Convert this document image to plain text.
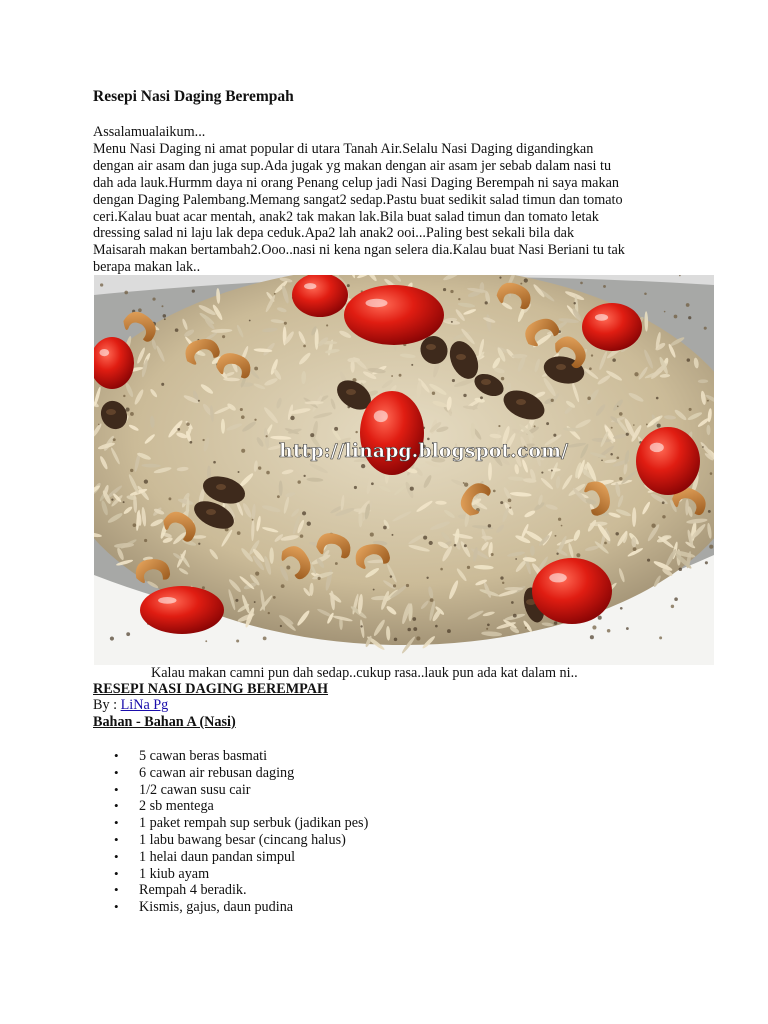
Resepi Nasi Daging Berempah

Assalamualaikum...

Menu Nasi Daging ni amat popular di utara Tanah Air.Selalu Nasi Daging digandingkan

dengan air asam dan juga sup.Ada jugak yg makan dengan air asam jer sebab dalam nasi tu

dah ada lauk.Hurmm daya ni orang Penang celup jadi Nasi Daging Berempah ni saya makan

dengan Daging Palembang.Memang sangat2 sedap.Pastu buat sedikit salad timun dan tomato

ceri.Kalau buat acar mentah, anak2 tak makan lak.Bila buat salad timun dan tomato letak

dressing salad ni laju lak depa ceduk.Apa2 lah anak2 ooi...Paling best sekali bila dak

Maisarah makan bertambah2.Ooo..nasi ni kena ngan selera dia.Kalau buat Nasi Beriani tu tak

berapa makan lak..

http://linapg.blogspot.com/
Kalau makan camni pun dah sedap..cukup rasa..lauk pun ada kat dalam ni..
RESEPI NASI DAGING BEREMPAH
By : LiNa Pg
Bahan - Bahan A (Nasi)
• 5 cawan beras basmati
• 6 cawan air rebusan daging
• 1/2 cawan susu cair
• 2 sb mentega
• 1 paket rempah sup serbuk (jadikan pes)
• 1 labu bawang besar (cincang halus)
• 1 helai daun pandan simpul
• 1 kiub ayam
• Rempah 4 beradik.
• Kismis, gajus, daun pudina
